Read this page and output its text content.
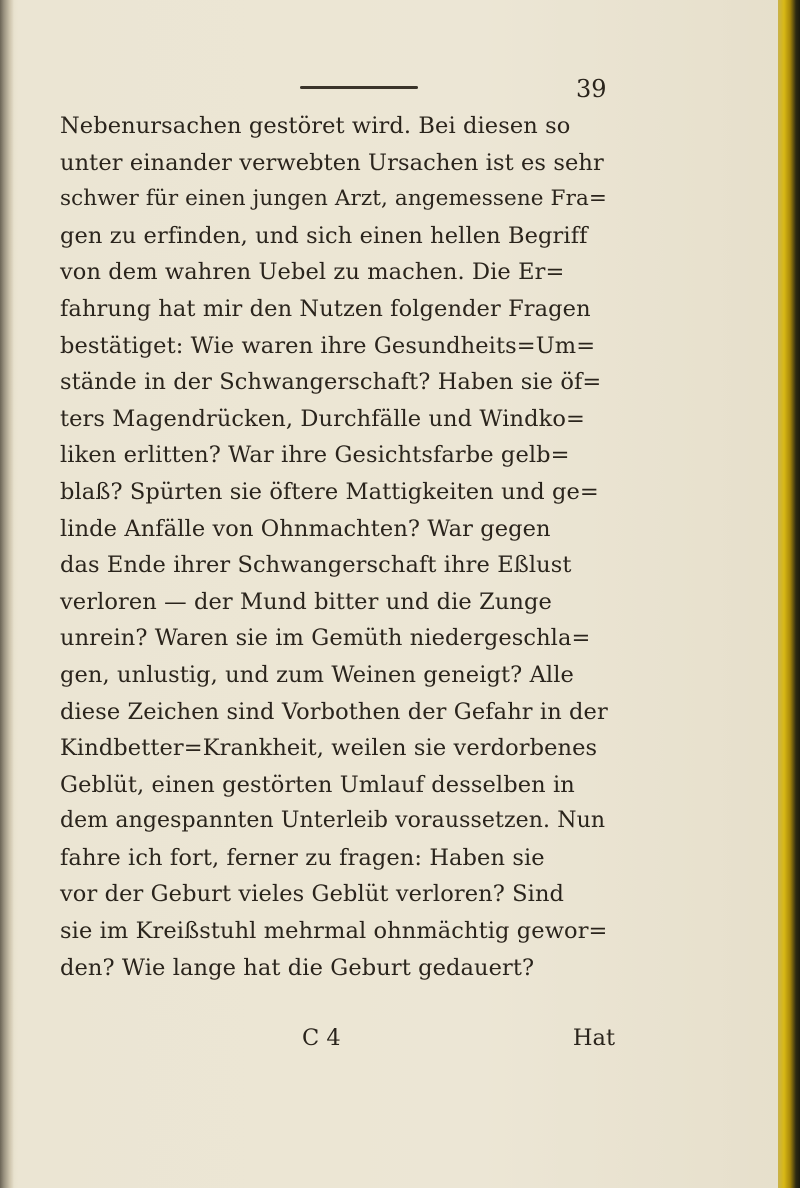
39
Nebenursachen gestöret wird. Bei diesen so
unter einander verwebten Ursachen ist es sehr
schwer für einen jungen Arzt, angemessene Fra=
gen zu erfinden, und sich einen hellen Begriff
von dem wahren Uebel zu machen. Die Er=
fahrung hat mir den Nutzen folgender Fragen
bestätiget: Wie waren ihre Gesundheits=Um=
stände in der Schwangerschaft? Haben sie öf=
ters Magendrücken, Durchfälle und Windko=
liken erlitten? War ihre Gesichtsfarbe gelb=
blaß? Spürten sie öftere Mattigkeiten und ge=
linde Anfälle von Ohnmachten? War gegen
das Ende ihrer Schwangerschaft ihre Eßlust
verloren — der Mund bitter und die Zunge
unrein? Waren sie im Gemüth niedergeschla=
gen, unlustig, und zum Weinen geneigt? Alle
diese Zeichen sind Vorbothen der Gefahr in der
Kindbetter=Krankheit, weilen sie verdorbenes
Geblüt, einen gestörten Umlauf desselben in
dem angespannten Unterleib voraussetzen. Nun
fahre ich fort, ferner zu fragen: Haben sie
vor der Geburt vieles Geblüt verloren? Sind
sie im Kreißstuhl mehrmal ohnmächtig gewor=
den? Wie lange hat die Geburt gedauert?
C 4	Hat
